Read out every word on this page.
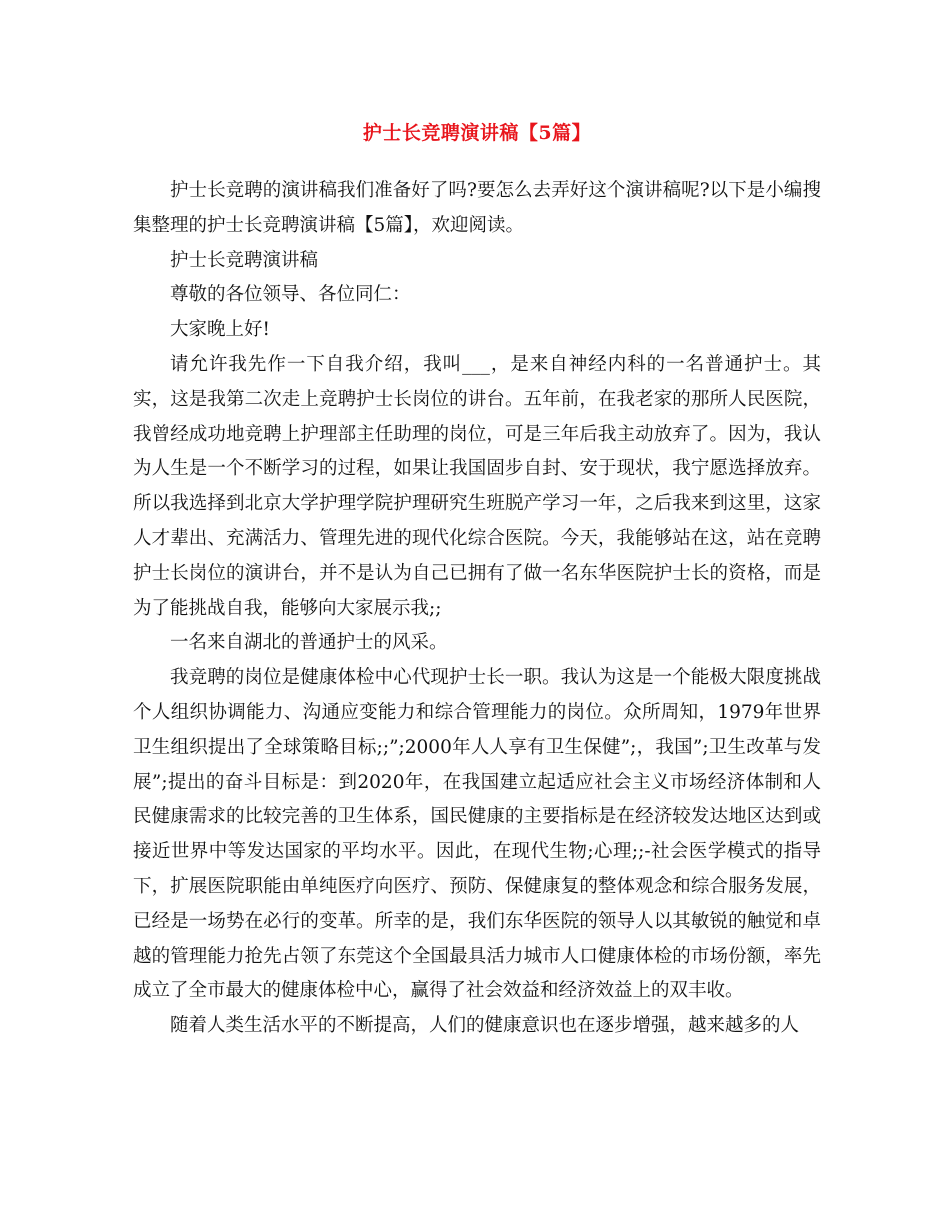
护士长竞聘演讲稿【5篇】

护士长竞聘的演讲稿我们准备好了吗?要怎么去弄好这个演讲稿呢?以下是小编搜集整理的护士长竞聘演讲稿【5篇】，欢迎阅读。

护士长竞聘演讲稿

尊敬的各位领导、各位同仁：

大家晚上好!

请允许我先作一下自我介绍，我叫___，是来自神经内科的一名普通护士。其实，这是我第二次走上竞聘护士长岗位的讲台。五年前，在我老家的那所人民医院，我曾经成功地竞聘上护理部主任助理的岗位，可是三年后我主动放弃了。因为，我认为人生是一个不断学习的过程，如果让我国固步自封、安于现状，我宁愿选择放弃。所以我选择到北京大学护理学院护理研究生班脱产学习一年，之后我来到这里，这家人才辈出、充满活力、管理先进的现代化综合医院。今天，我能够站在这，站在竞聘护士长岗位的演讲台，并不是认为自己已拥有了做一名东华医院护士长的资格，而是为了能挑战自我，能够向大家展示我;;

一名来自湖北的普通护士的风采。

我竞聘的岗位是健康体检中心代现护士长一职。我认为这是一个能极大限度挑战个人组织协调能力、沟通应变能力和综合管理能力的岗位。众所周知，1979年世界卫生组织提出了全球策略目标;;”;2000年人人享有卫生保健”;，我国”;卫生改革与发展”;提出的奋斗目标是：到2020年，在我国建立起适应社会主义市场经济体制和人民健康需求的比较完善的卫生体系，国民健康的主要指标是在经济较发达地区达到或接近世界中等发达国家的平均水平。因此，在现代生物;心理;;-社会医学模式的指导下，扩展医院职能由单纯医疗向医疗、预防、保健康复的整体观念和综合服务发展，已经是一场势在必行的变革。所幸的是，我们东华医院的领导人以其敏锐的触觉和卓越的管理能力抢先占领了东莞这个全国最具活力城市人口健康体检的市场份额，率先成立了全市最大的健康体检中心，赢得了社会效益和经济效益上的双丰收。

随着人类生活水平的不断提高，人们的健康意识也在逐步增强，越来越多的人
